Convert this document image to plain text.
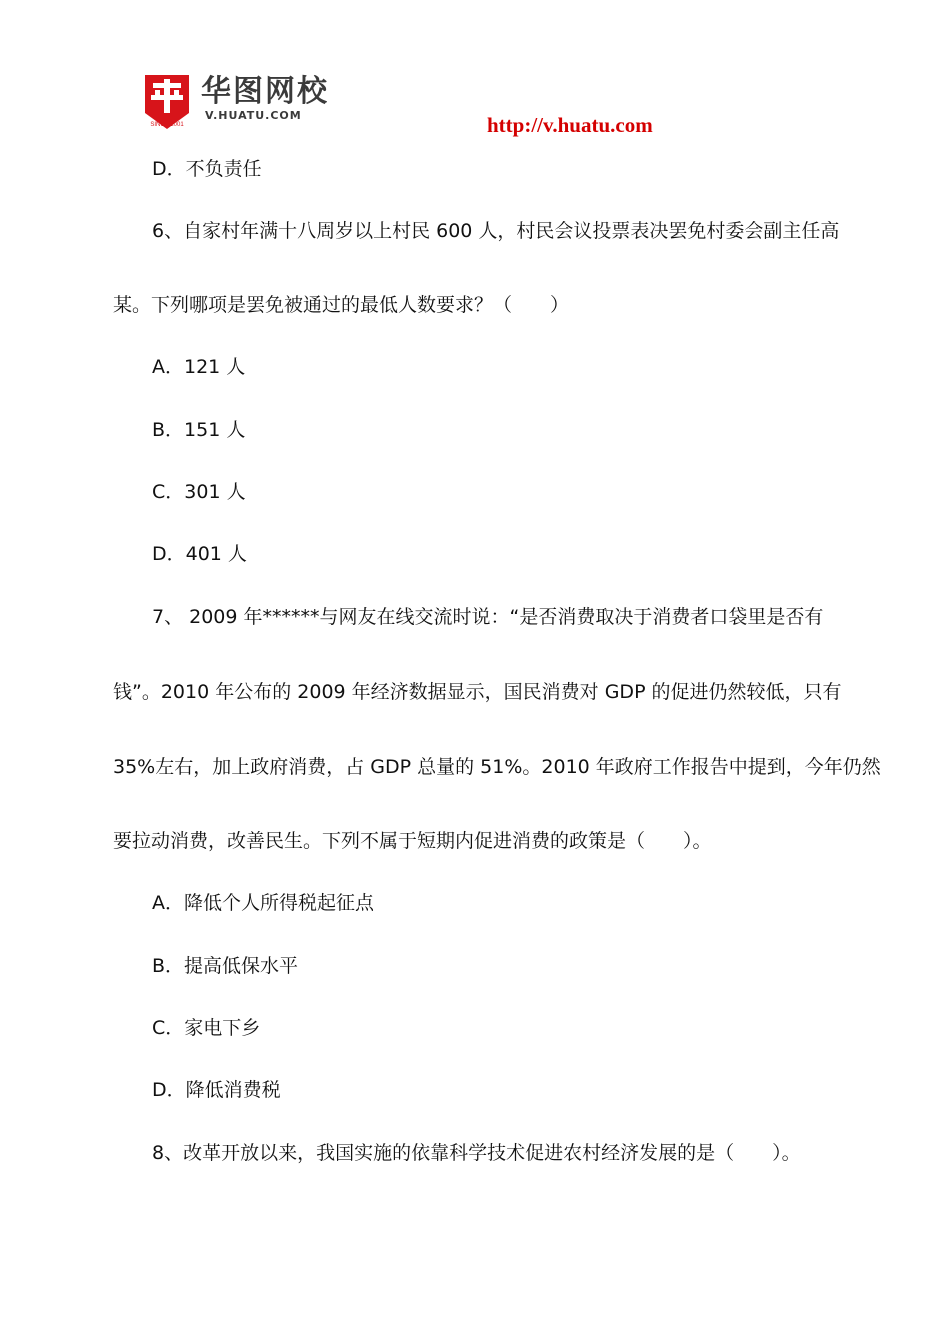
SINCE 2001
华图网校
V.HUATU.COM	http://v.huatu.com
D．不负责任
6、自家村年满十八周岁以上村民 600 人，村民会议投票表决罢免村委会副主任高
某。下列哪项是罢免被通过的最低人数要求？（　　）
A．121 人
B．151 人
C．301 人
D．401 人
7、 2009 年******与网友在线交流时说：“是否消费取决于消费者口袋里是否有
钱”。2010 年公布的 2009 年经济数据显示，国民消费对 GDP 的促进仍然较低，只有
35%左右，加上政府消费，占 GDP 总量的 51%。2010 年政府工作报告中提到，今年仍然
要拉动消费，改善民生。下列不属于短期内促进消费的政策是（　　）。
A．降低个人所得税起征点
B．提高低保水平
C．家电下乡
D．降低消费税
8、改革开放以来，我国实施的依靠科学技术促进农村经济发展的是（　　）。
